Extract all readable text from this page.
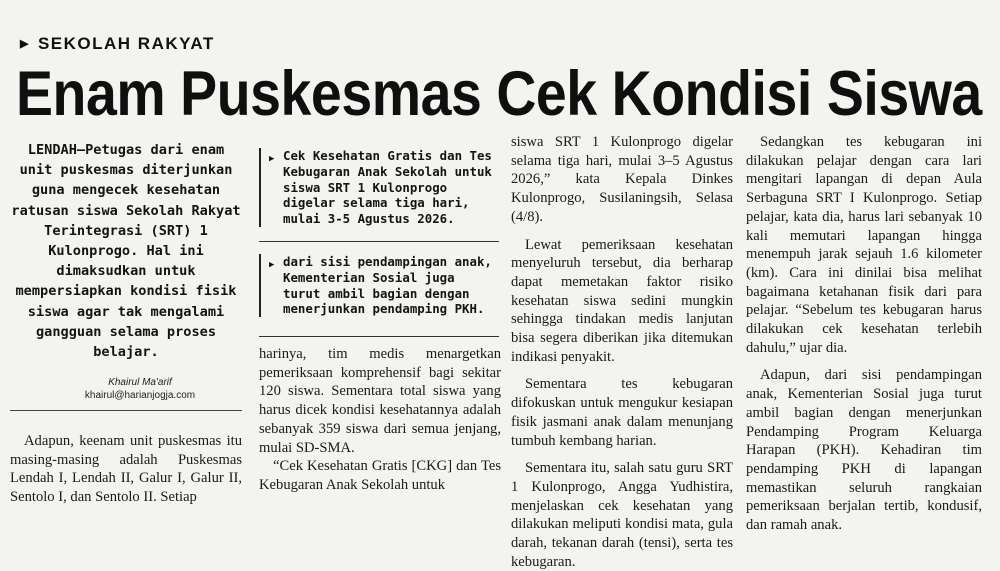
▶ SEKOLAH RAKYAT
Enam Puskesmas Cek Kondisi Siswa
LENDAH—Petugas dari enam unit puskesmas diterjunkan guna mengecek kesehatan ratusan siswa Sekolah Rakyat Terintegrasi (SRT) 1 Kulonprogo. Hal ini dimaksudkan untuk mempersiapkan kondisi fisik siswa agar tak mengalami gangguan selama proses belajar.
Khairul Ma'arif
khairul@harianjogja.com

Adapun, keenam unit puskesmas itu masing-masing adalah Puskesmas Lendah I, Lendah II, Galur I, Galur II, Sentolo I, dan Sentolo II. Setiap

▶ Cek Kesehatan Gratis dan Tes Kebugaran Anak Sekolah untuk siswa SRT 1 Kulonprogo digelar selama tiga hari, mulai 3-5 Agustus 2026.
▶ dari sisi pendampingan anak, Kementerian Sosial juga turut ambil bagian dengan menerjunkan pendamping PKH.

harinya, tim medis menargetkan pemeriksaan komprehensif bagi sekitar 120 siswa. Sementara total siswa yang harus dicek kondisi kesehatannya adalah sebanyak 359 siswa dari semua jenjang, mulai SD-SMA.

“Cek Kesehatan Gratis [CKG] dan Tes Kebugaran Anak Sekolah untuk

siswa SRT 1 Kulonprogo digelar selama tiga hari, mulai 3–5 Agustus 2026,” kata Kepala Dinkes Kulonprogo, Susilaningsih, Selasa (4/8).

Lewat pemeriksaan kesehatan menyeluruh tersebut, dia berharap dapat memetakan faktor risiko kesehatan siswa sedini mungkin sehingga tindakan medis lanjutan bisa segera diberikan jika ditemukan indikasi penyakit.

Sementara tes kebugaran difokuskan untuk mengukur kesiapan fisik jasmani anak dalam menunjang tumbuh kembang harian.

Sementara itu, salah satu guru SRT 1 Kulonprogo, Angga Yudhistira, menjelaskan cek kesehatan yang dilakukan meliputi kondisi mata, gula darah, tekanan darah (tensi), serta tes kebugaran.

Sedangkan tes kebugaran ini dilakukan pelajar dengan cara lari mengitari lapangan di depan Aula Serbaguna SRT I Kulonprogo. Setiap pelajar, kata dia, harus lari sebanyak 10 kali memutari lapangan hingga menempuh jarak sejauh 1.6 kilometer (km). Cara ini dinilai bisa melihat bagaimana ketahanan fisik dari para pelajar. “Sebelum tes kebugaran harus dilakukan cek kesehatan terlebih dahulu,” ujar dia.

Adapun, dari sisi pendampingan anak, Kementerian Sosial juga turut ambil bagian dengan menerjunkan Pendamping Program Keluarga Harapan (PKH). Kehadiran tim pendamping PKH di lapangan memastikan seluruh rangkaian pemeriksaan berjalan tertib, kondusif, dan ramah anak.
